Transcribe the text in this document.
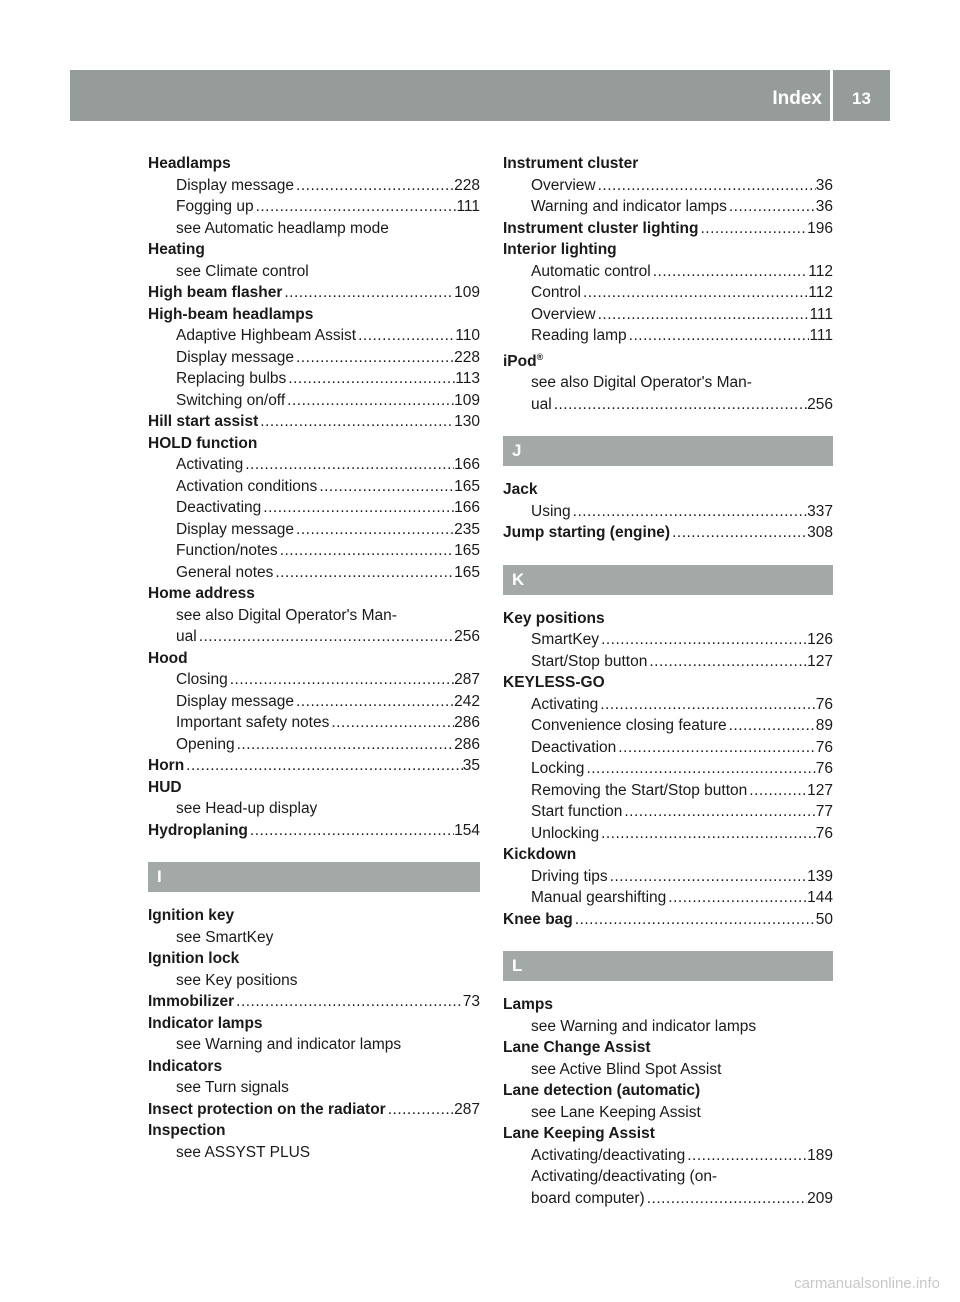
Index	13
Headlamps
Display message .....	228
Fogging up .....	111
see Automatic headlamp mode
Heating
see Climate control
High beam flasher .....	109
High-beam headlamps
Adaptive Highbeam Assist .....	110
Display message .....	228
Replacing bulbs .....	113
Switching on/off .....	109
Hill start assist .....	130
HOLD function
Activating .....	166
Activation conditions .....	165
Deactivating .....	166
Display message .....	235
Function/notes .....	165
General notes .....	165
Home address
see also Digital Operator's Man-
ual .....	256
Hood
Closing .....	287
Display message .....	242
Important safety notes .....	286
Opening .....	286
Horn .....	35
HUD
see Head-up display
Hydroplaning .....	154
I
Ignition key
see SmartKey
Ignition lock
see Key positions
Immobilizer .....	73
Indicator lamps
see Warning and indicator lamps
Indicators
see Turn signals
Insect protection on the radiator .....	287
Inspection
see ASSYST PLUS
Instrument cluster
Overview .....	36
Warning and indicator lamps .....	36
Instrument cluster lighting .....	196
Interior lighting
Automatic control .....	112
Control .....	112
Overview .....	111
Reading lamp .....	111
iPod®
see also Digital Operator's Man-
ual .....	256
J
Jack
Using .....	337
Jump starting (engine) .....	308
K
Key positions
SmartKey .....	126
Start/Stop button .....	127
KEYLESS-GO
Activating .....	76
Convenience closing feature .....	89
Deactivation .....	76
Locking .....	76
Removing the Start/Stop button .....	127
Start function .....	77
Unlocking .....	76
Kickdown
Driving tips .....	139
Manual gearshifting .....	144
Knee bag .....	50
L
Lamps
see Warning and indicator lamps
Lane Change Assist
see Active Blind Spot Assist
Lane detection (automatic)
see Lane Keeping Assist
Lane Keeping Assist
Activating/deactivating .....	189
Activating/deactivating (on-
board computer) .....	209
carmanualsonline.info
